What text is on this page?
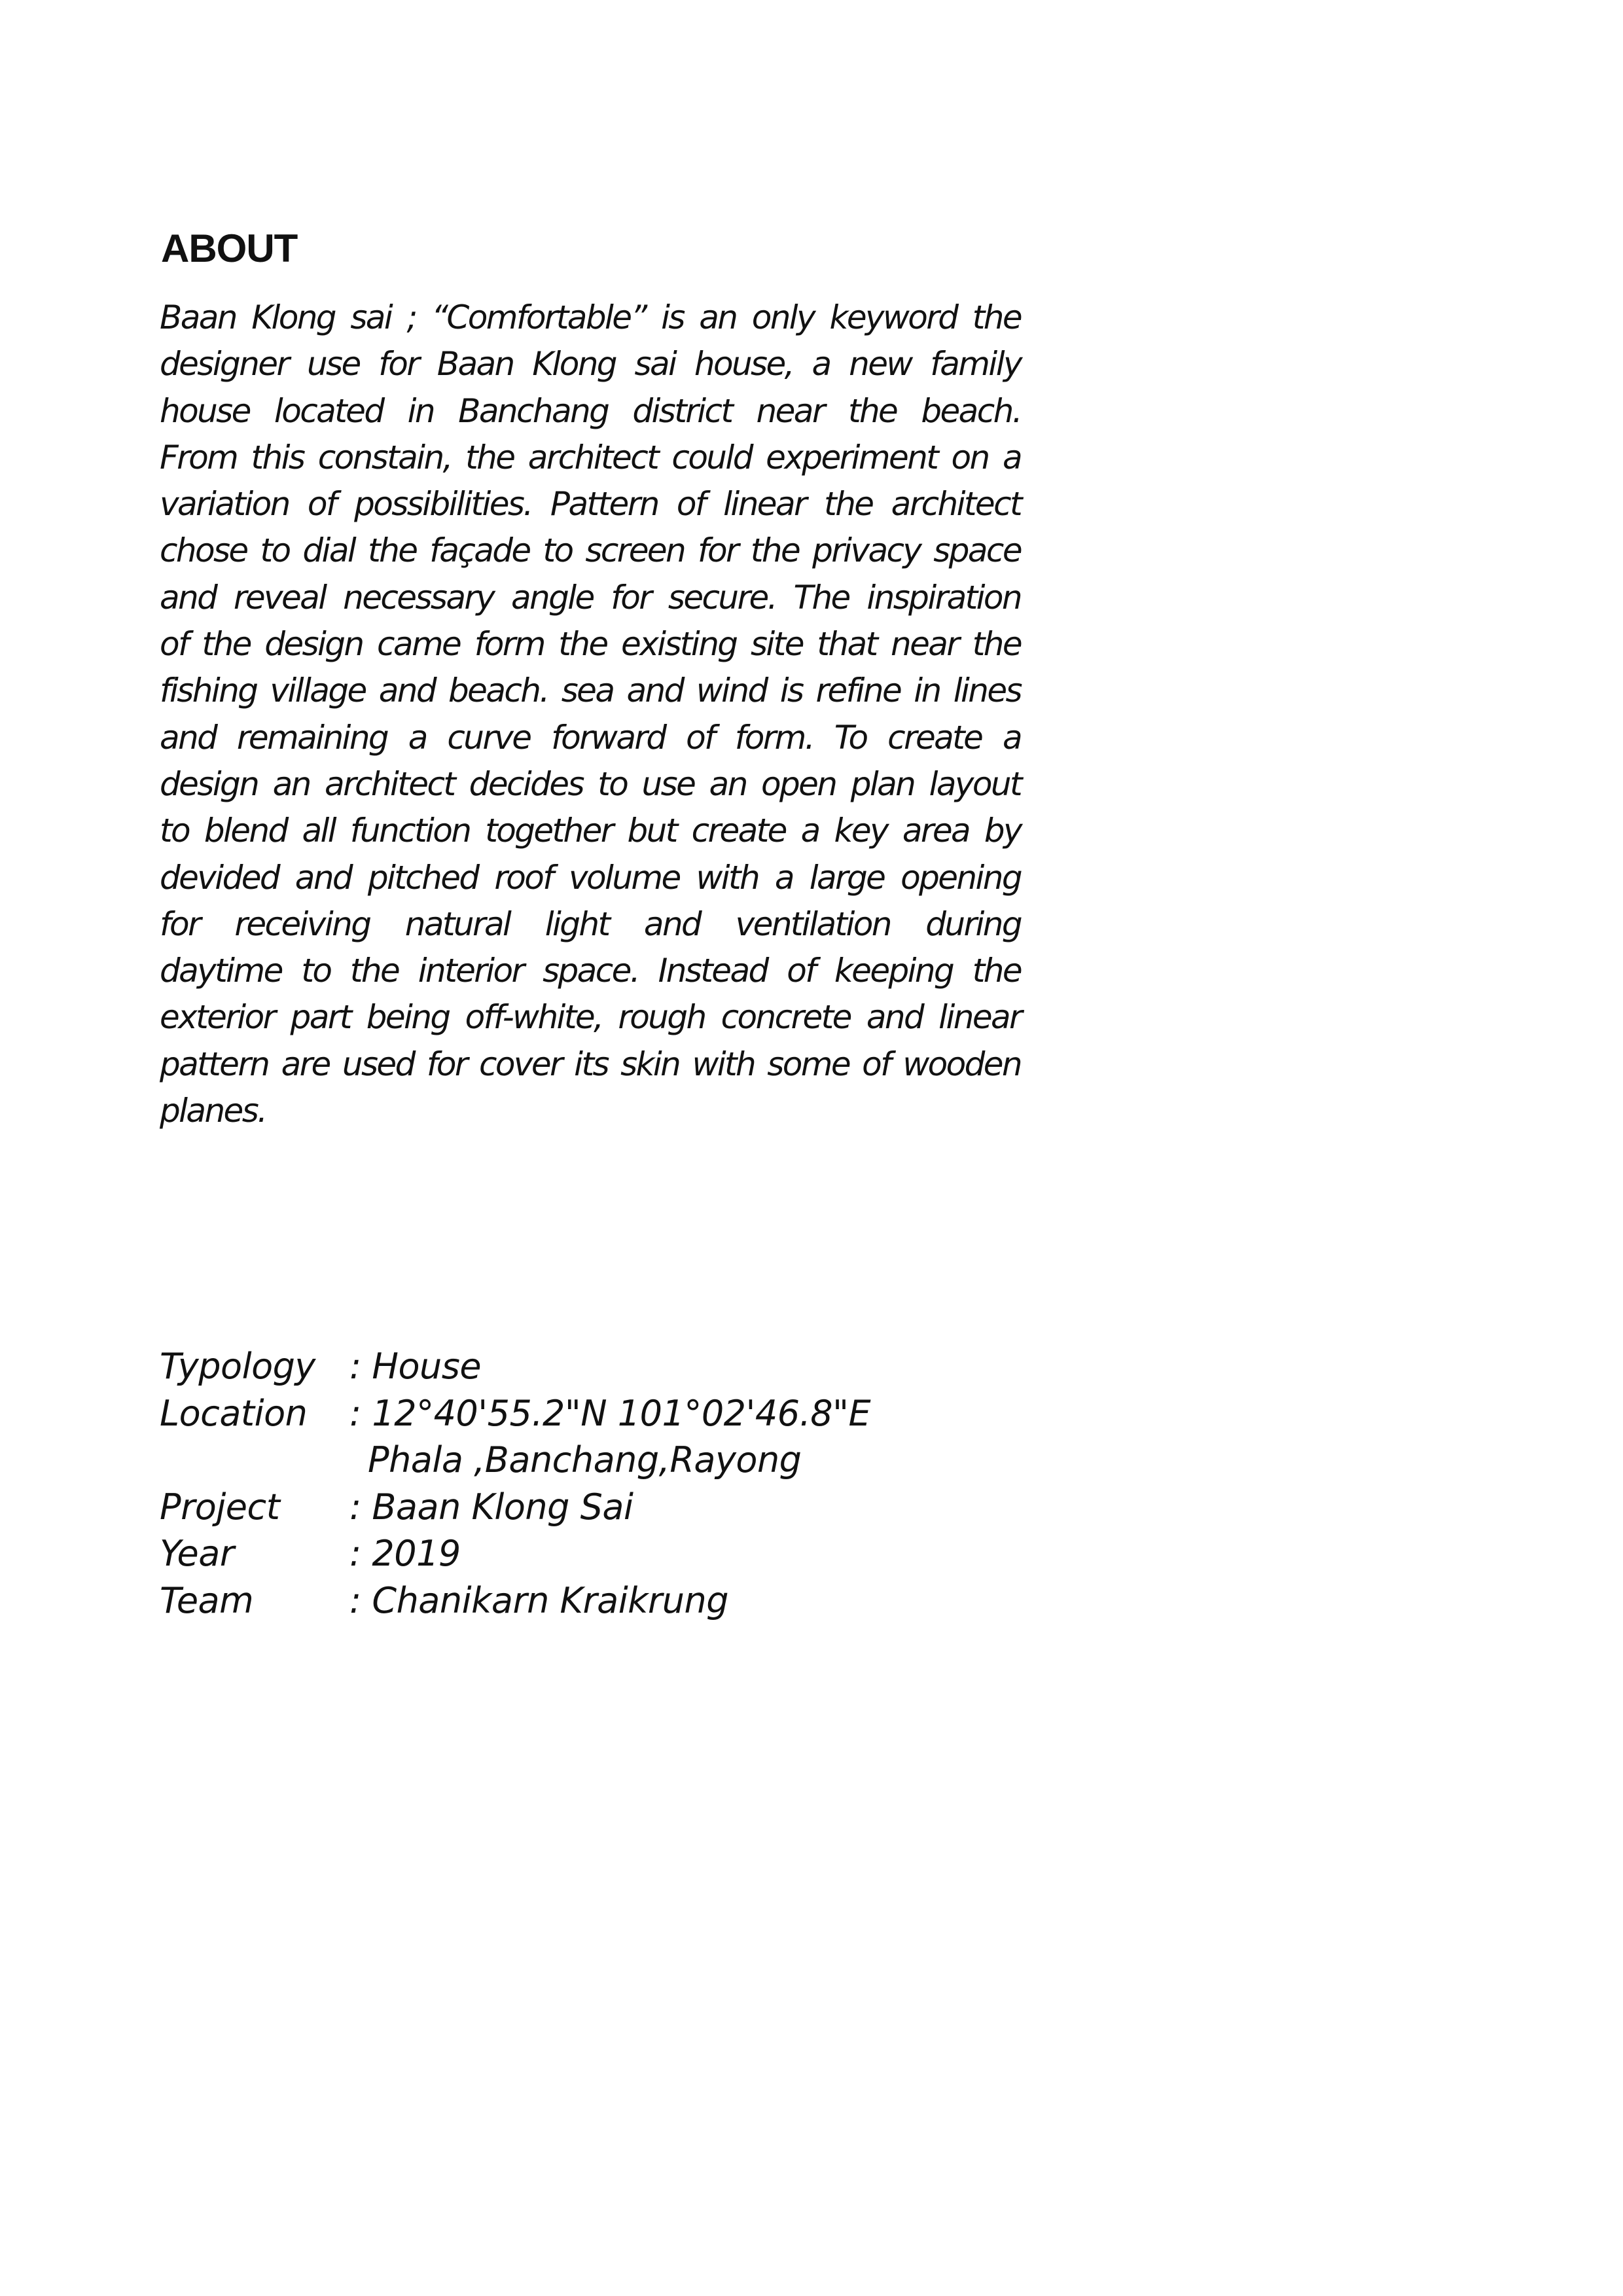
ABOUT
Baan Klong sai ; “Comfortable” is an only keyword the
designer use for Baan Klong sai house, a new family
house located in Banchang district near the beach.
From this constain, the architect could experiment on a
variation of possibilities. Pattern of linear the architect
chose to dial the façade to screen for the privacy space
and reveal necessary angle for secure. The inspiration
of the design came form the existing site that near the
fishing village and beach. sea and wind is refine in lines
and remaining a curve forward of form. To create a
design an architect decides to use an open plan layout
to blend all function together but create a key area by
devided and pitched roof volume with a large opening
for receiving natural light and ventilation during
daytime to the interior space. Instead of keeping the
exterior part being off-white, rough concrete and linear
pattern are used for cover its skin with some of wooden
planes.
Typology : House
Location	: 12°40'55.2"N 101°02'46.8"E
Phala ,Banchang,Rayong
Project	: Baan Klong Sai
Year	: 2019
Team	: Chanikarn Kraikrung
